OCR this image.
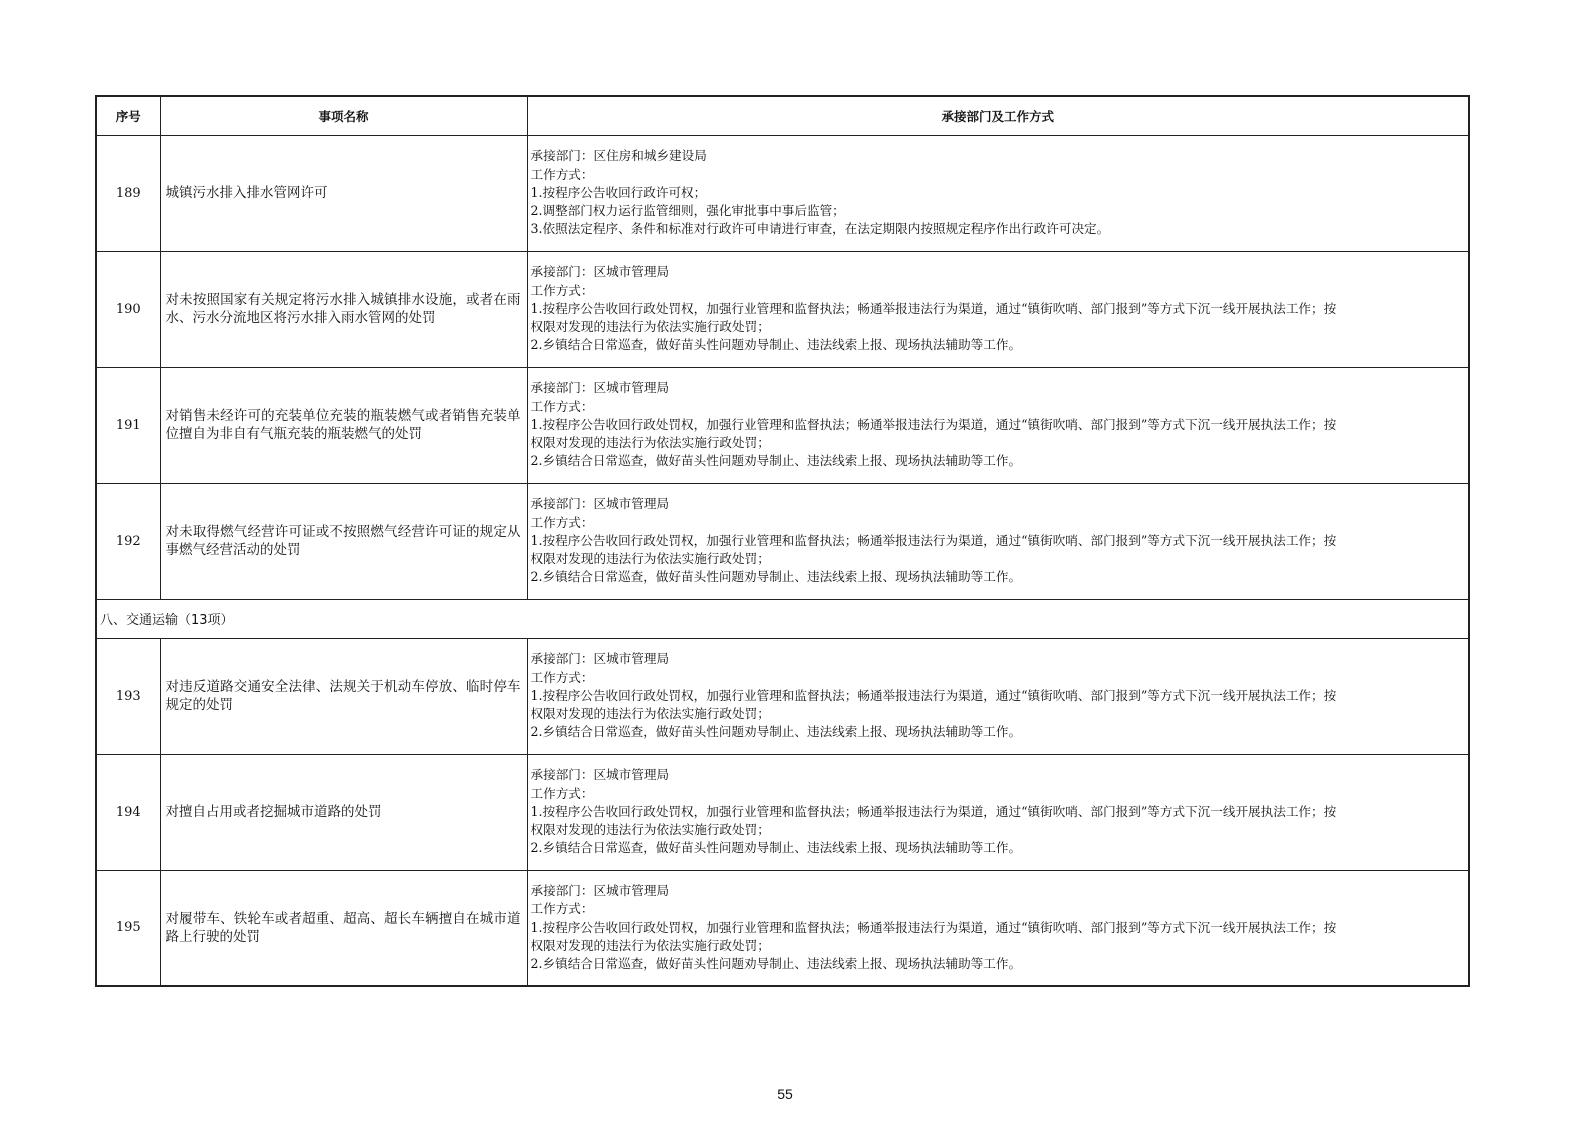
序号	事项名称	承接部门及工作方式
189	城镇污水排入排水管网许可	承接部门：区住房和城乡建设局
工作方式：
1.按程序公告收回行政许可权；
2.调整部门权力运行监管细则，强化审批事中事后监管；
3.依照法定程序、条件和标准对行政许可申请进行审查，在法定期限内按照规定程序作出行政许可决定。

190	对未按照国家有关规定将污水排入城镇排水设施，或者在雨水、污水分流地区将污水排入雨水管网的处罚	承接部门：区城市管理局
工作方式：
1.按程序公告收回行政处罚权，加强行业管理和监督执法；畅通举报违法行为渠道，通过“镇街吹哨、部门报到”等方式下沉一线开展执法工作；按
权限对发现的违法行为依法实施行政处罚；
2.乡镇结合日常巡查，做好苗头性问题劝导制止、违法线索上报、现场执法辅助等工作。

191	对销售未经许可的充装单位充装的瓶装燃气或者销售充装单位擅自为非自有气瓶充装的瓶装燃气的处罚	承接部门：区城市管理局
工作方式：
1.按程序公告收回行政处罚权，加强行业管理和监督执法；畅通举报违法行为渠道，通过“镇街吹哨、部门报到”等方式下沉一线开展执法工作；按
权限对发现的违法行为依法实施行政处罚；
2.乡镇结合日常巡查，做好苗头性问题劝导制止、违法线索上报、现场执法辅助等工作。

192	对未取得燃气经营许可证或不按照燃气经营许可证的规定从事燃气经营活动的处罚	承接部门：区城市管理局
工作方式：
1.按程序公告收回行政处罚权，加强行业管理和监督执法；畅通举报违法行为渠道，通过“镇街吹哨、部门报到”等方式下沉一线开展执法工作；按
权限对发现的违法行为依法实施行政处罚；
2.乡镇结合日常巡查，做好苗头性问题劝导制止、违法线索上报、现场执法辅助等工作。

八、交通运输（13项）		
193	对违反道路交通安全法律、法规关于机动车停放、临时停车规定的处罚	承接部门：区城市管理局
工作方式：
1.按程序公告收回行政处罚权，加强行业管理和监督执法；畅通举报违法行为渠道，通过“镇街吹哨、部门报到”等方式下沉一线开展执法工作；按
权限对发现的违法行为依法实施行政处罚；
2.乡镇结合日常巡查，做好苗头性问题劝导制止、违法线索上报、现场执法辅助等工作。

194	对擅自占用或者挖掘城市道路的处罚	承接部门：区城市管理局
工作方式：
1.按程序公告收回行政处罚权，加强行业管理和监督执法；畅通举报违法行为渠道，通过“镇街吹哨、部门报到”等方式下沉一线开展执法工作；按
权限对发现的违法行为依法实施行政处罚；
2.乡镇结合日常巡查，做好苗头性问题劝导制止、违法线索上报、现场执法辅助等工作。

195	对履带车、铁轮车或者超重、超高、超长车辆擅自在城市道路上行驶的处罚	承接部门：区城市管理局
工作方式：
1.按程序公告收回行政处罚权，加强行业管理和监督执法；畅通举报违法行为渠道，通过“镇街吹哨、部门报到”等方式下沉一线开展执法工作；按
权限对发现的违法行为依法实施行政处罚；
2.乡镇结合日常巡查，做好苗头性问题劝导制止、违法线索上报、现场执法辅助等工作。
55
